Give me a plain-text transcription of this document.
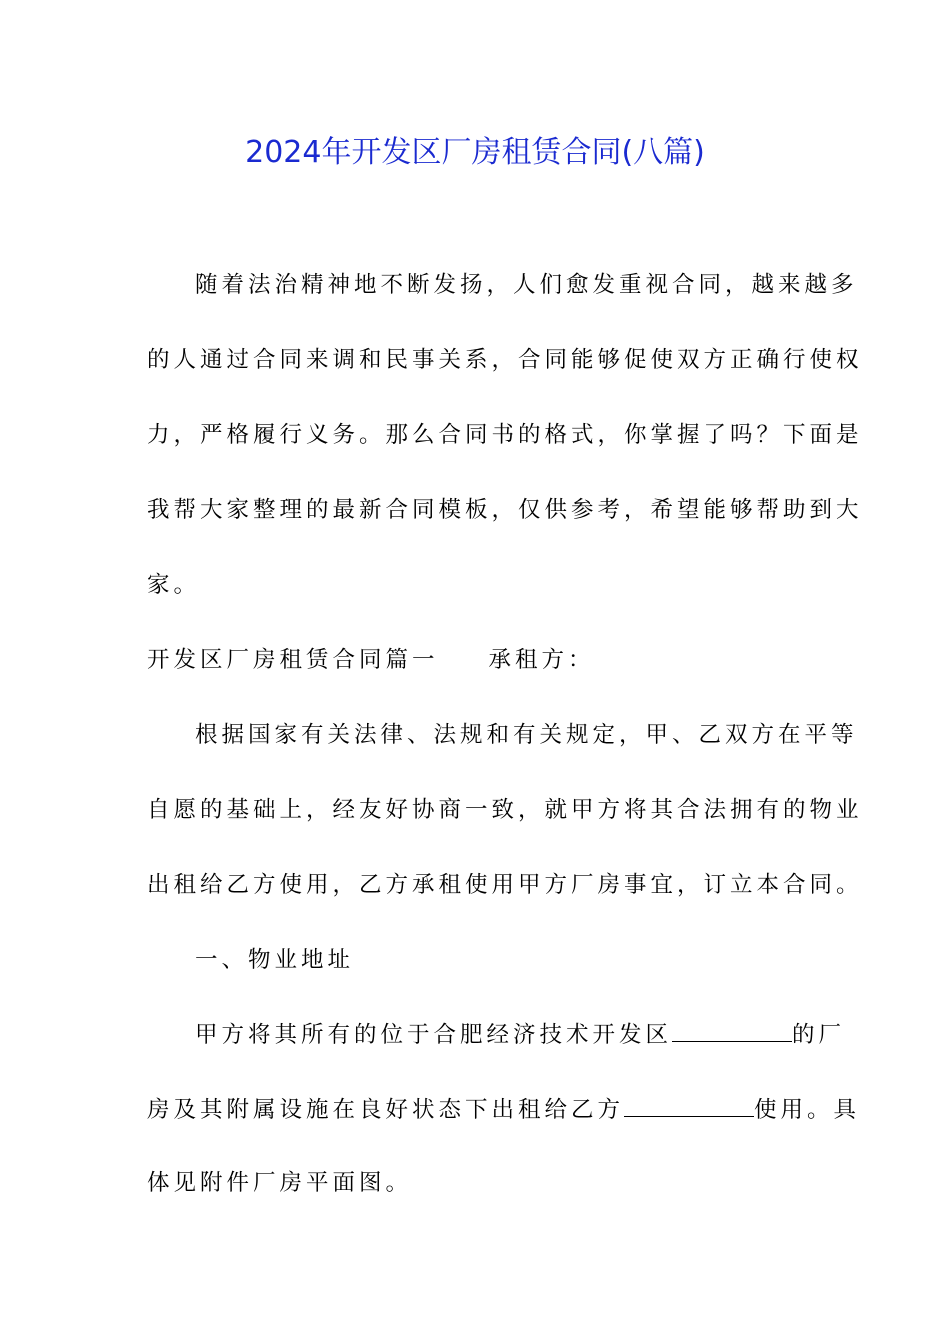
2024年开发区厂房租赁合同(八篇)
随着法治精神地不断发扬，人们愈发重视合同，越来越多
的人通过合同来调和民事关系，合同能够促使双方正确行使权
力，严格履行义务。那么合同书的格式，你掌握了吗？下面是
我帮大家整理的最新合同模板，仅供参考，希望能够帮助到大
家。
开发区厂房租赁合同篇一 承租方：
根据国家有关法律、法规和有关规定，甲、乙双方在平等
自愿的基础上，经友好协商一致，就甲方将其合法拥有的物业
出租给乙方使用，乙方承租使用甲方厂房事宜，订立本合同。
一、物业地址
甲方将其所有的位于合肥经济技术开发区	的厂
房及其附属设施在良好状态下出租给乙方	使用。具
体见附件厂房平面图。
